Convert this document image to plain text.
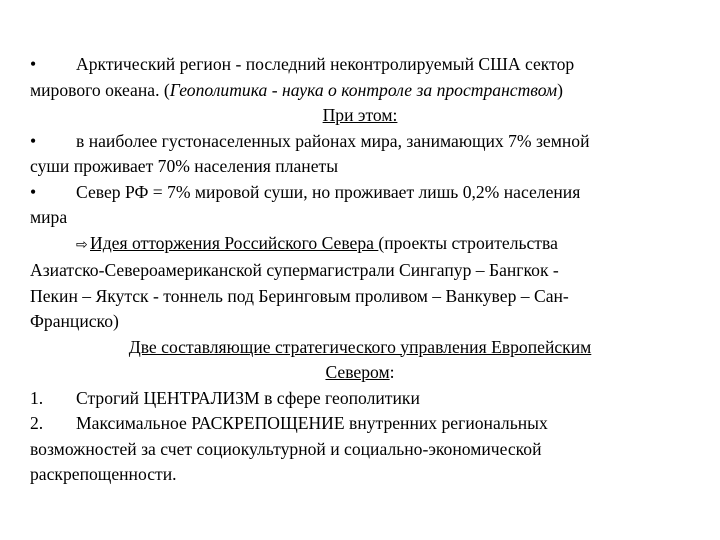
•	Арктический регион - последний неконтролируемый США сектор
мирового океана. (Геополитика - наука о контроле за пространством)
При этом:
•	в наиболее густонаселенных районах мира, занимающих 7% земной
суши проживает 70% населения планеты
•	Север РФ = 7% мировой суши, но проживает лишь 0,2% населения
мира
⇨ Идея отторжения Российского Севера (проекты строительства
Азиатско-Североамериканской супермагистрали Сингапур – Бангкок -
Пекин – Якутск - тоннель под Беринговым проливом – Ванкувер – Сан-
Франциско)
Две составляющие стратегического управления Европейским
Севером:
1.	Строгий ЦЕНТРАЛИЗМ в сфере геополитики
2.	Максимальное РАСКРЕПОЩЕНИЕ внутренних региональных
возможностей за счет социокультурной и социально-экономической
раскрепощенности.
